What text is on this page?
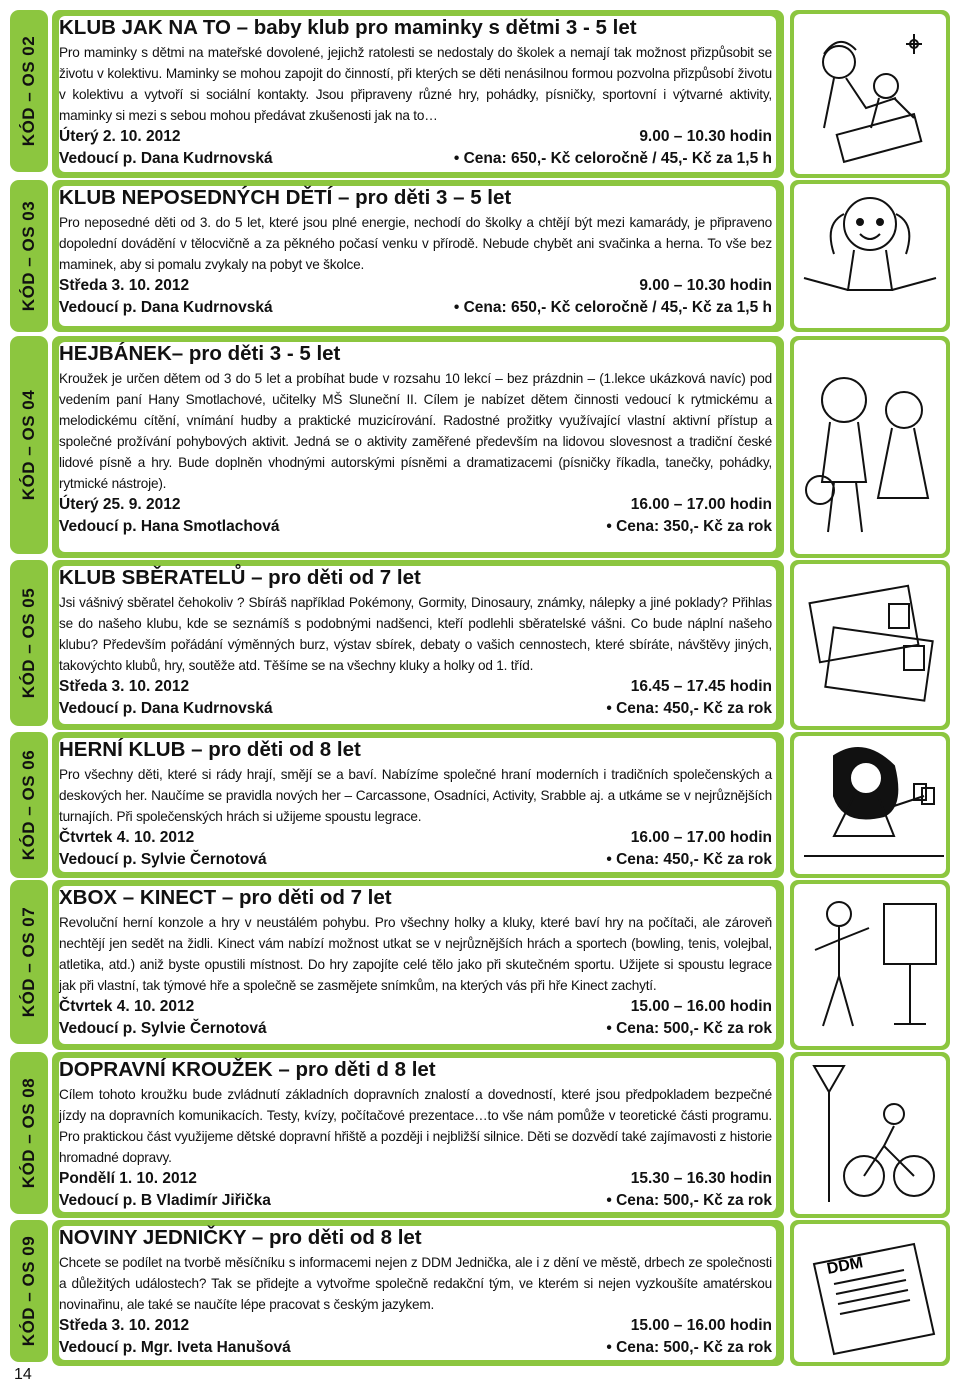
KÓD – OS 02
KLUB JAK NA TO – baby klub pro maminky s dětmi 3 - 5 let
Pro maminky s dětmi na mateřské dovolené, jejichž ratolesti se nedostaly do školek a nemají tak možnost přizpůsobit se životu v kolektivu. Maminky se mohou zapojit do činností, při kterých se děti nenásilnou formou pozvolna přizpůsobí životu v kolektivu a vytvoří si sociální kontakty. Jsou připraveny různé hry, pohádky, písničky, sportovní i výtvarné aktivity, maminky si mezi s sebou mohou předávat zkušenosti jak na to…
Úterý 2. 10. 2012	9.00 – 10.30 hodin
Vedoucí p. Dana Kudrnovská	• Cena: 650,- Kč celoročně / 45,- Kč za 1,5 h
KÓD – OS 03
KLUB NEPOSEDNÝCH DĚTÍ – pro děti 3 – 5 let
Pro neposedné děti od 3. do 5 let, které jsou plné energie, nechodí do školky a chtějí být mezi kamarády, je připraveno dopolední dovádění v tělocvičně a za pěkného počasí venku v přírodě. Nebude chybět ani svačinka a herna. To vše bez maminek, aby si pomalu zvykaly na pobyt ve školce.
Středa 3. 10. 2012	9.00 – 10.30 hodin
Vedoucí p. Dana Kudrnovská	• Cena: 650,- Kč celoročně / 45,- Kč za 1,5 h
KÓD – OS 04
HEJBÁNEK– pro děti 3 - 5 let
Kroužek je určen dětem od 3 do 5 let a probíhat bude v rozsahu 10 lekcí – bez prázdnin – (1.lekce ukázková navíc) pod vedením paní Hany Smotlachové, učitelky MŠ Sluneční II. Cílem je nabízet dětem činnosti vedoucí k rytmickému a melodickému cítění, vnímání hudby a praktické muzicírování. Radostné prožitky využívající vlastní aktivní přístup a společné prožívání pohybových aktivit. Jedná se o aktivity zaměřené především na lidovou slovesnost a tradiční české lidové písně a hry. Bude doplněn vhodnými autorskými písněmi a dramatizacemi (písničky říkadla, tanečky, pohádky, rytmické nástroje).
Úterý 25. 9. 2012	16.00 – 17.00 hodin
Vedoucí p. Hana Smotlachová	• Cena: 350,- Kč za rok
KÓD – OS 05
KLUB SBĚRATELŮ – pro děti od 7 let
Jsi vášnivý sběratel čehokoliv ? Sbíráš například Pokémony, Gormity, Dinosaury, známky, nálepky a jiné poklady? Přihlas se do našeho klubu, kde se seznámíš s podobnými nadšenci, kteří podlehli sběratelské vášni. Co bude náplní našeho klubu? Především pořádání výměnných burz, výstav sbírek, debaty o vašich cennostech, které sbíráte, návštěvy jiných, takovýchto klubů, hry, soutěže atd. Těšíme se na všechny kluky a holky od 1. tříd.
Středa 3. 10. 2012	16.45 – 17.45 hodin
Vedoucí p. Dana Kudrnovská	• Cena: 450,- Kč za rok
KÓD – OS 06
HERNÍ KLUB – pro děti od 8 let
Pro všechny děti, které si rády hrají, smějí se a baví. Nabízíme společné hraní moderních i tradičních společenských a deskových her. Naučíme se pravidla nových her – Carcassone, Osadníci, Activity, Srabble aj. a utkáme se v nejrůznějších turnajích. Při společenských hrách si užijeme spoustu legrace.
Čtvrtek 4. 10. 2012	16.00 – 17.00 hodin
Vedoucí p. Sylvie Černotová	• Cena: 450,- Kč za rok
KÓD – OS 07
XBOX – KINECT – pro děti od 7 let
Revoluční herní konzole a hry v neustálém pohybu. Pro všechny holky a kluky, které baví hry na počítači, ale zároveň nechtějí jen sedět na židli. Kinect vám nabízí možnost utkat se v nejrůznějších hrách a sportech (bowling, tenis, volejbal, atletika, atd.) aniž byste opustili místnost. Do hry zapojíte celé tělo jako při skutečném sportu. Užijete si spoustu legrace jak při vlastní, tak týmové hře a společně se zasmějete snímkům, na kterých vás při hře Kinect zachytí.
Čtvrtek 4. 10. 2012	15.00 – 16.00 hodin
Vedoucí p. Sylvie Černotová	• Cena: 500,- Kč za rok
KÓD – OS 08
DOPRAVNÍ KROUŽEK – pro děti d 8 let
Cílem tohoto kroužku bude zvládnutí základních dopravních znalostí a dovedností, které jsou předpokladem bezpečné jízdy na dopravních komunikacích. Testy, kvízy, počítačové prezentace…to vše nám pomůže v teoretické části programu. Pro praktickou část využijeme dětské dopravní hřiště a později i nejbližší silnice. Děti se dozvědí také zajímavosti z historie hromadné dopravy.
Pondělí 1. 10. 2012	15.30 – 16.30 hodin
Vedoucí p. B Vladimír Jiřička	• Cena: 500,- Kč za rok
KÓD – OS 09 NOVINY JEDNIČKY – pro děti od 8 let
Chcete se podílet na tvorbě měsíčníku s informacemi nejen z DDM Jednička, ale i z dění ve městě, drbech ze společnosti a důležitých událostech? Tak se přidejte a vytvořme společně redakční tým, ve kterém si nejen vyzkoušíte amatérskou novinařinu, ale také se naučíte lépe pracovat s českým jazykem.
Středa 3. 10. 2012	15.00 – 16.00 hodin
Vedoucí p. Mgr. Iveta Hanušová	• Cena: 500,- Kč za rok
DDM
14
